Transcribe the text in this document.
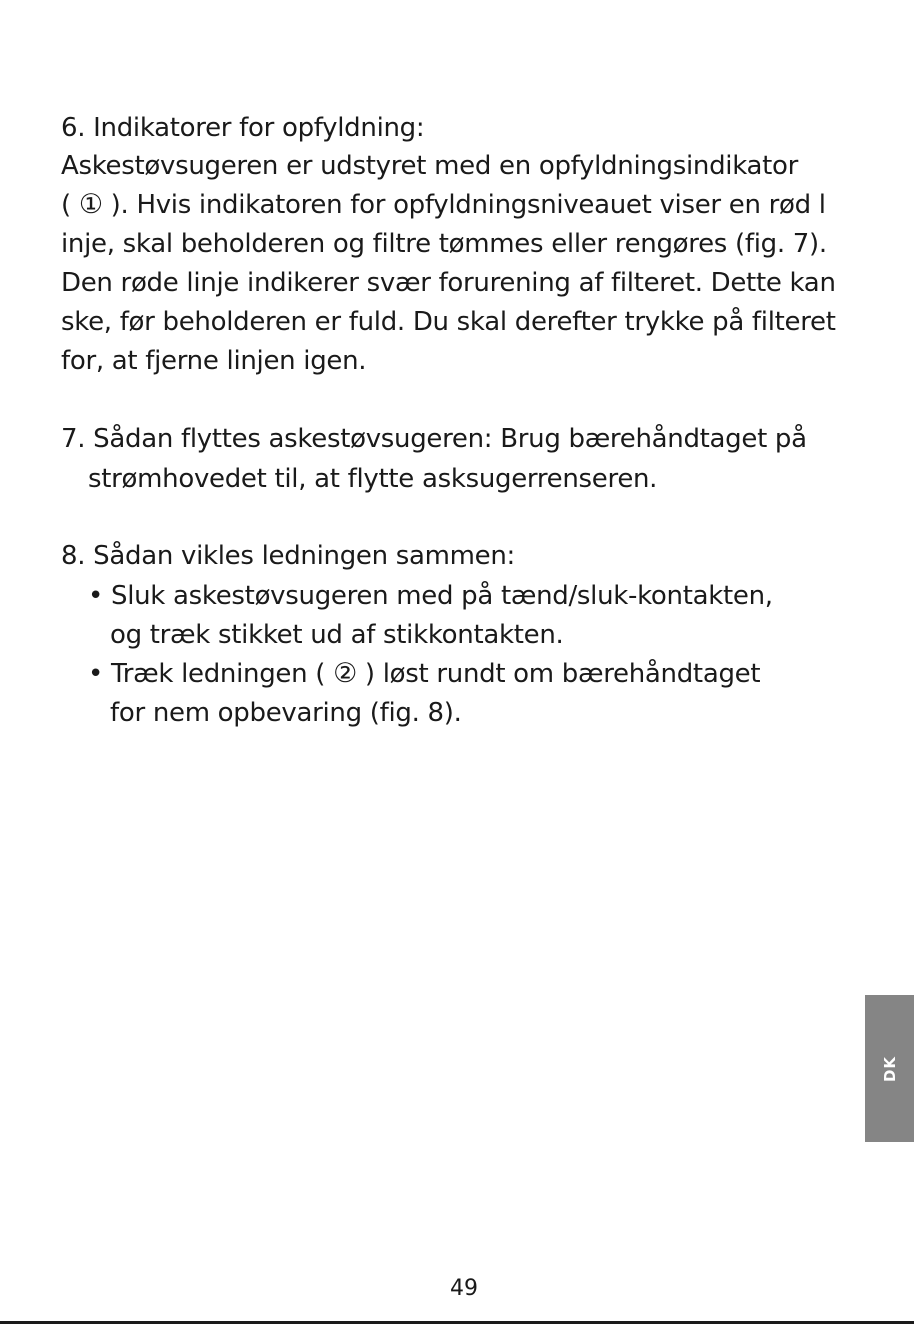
6. Indikatorer for opfyldning:
Askestøvsugeren er udstyret med en opfyldningsindikator
( ① ). Hvis indikatoren for opfyldningsniveauet viser en rød l
inje, skal beholderen og filtre tømmes eller rengøres (fig. 7).
Den røde linje indikerer svær forurening af filteret. Dette kan
ske, før beholderen er fuld. Du skal derefter trykke på filteret
for, at fjerne linjen igen.
7. Sådan flyttes askestøvsugeren: Brug bærehåndtaget på
strømhovedet til, at flytte asksugerrenseren.
8. Sådan vikles ledningen sammen:
• Sluk askestøvsugeren med på tænd/sluk-kontakten,
og træk stikket ud af stikkontakten.
• Træk ledningen ( ② ) løst rundt om bærehåndtaget
for nem opbevaring (fig. 8).
DK
49
